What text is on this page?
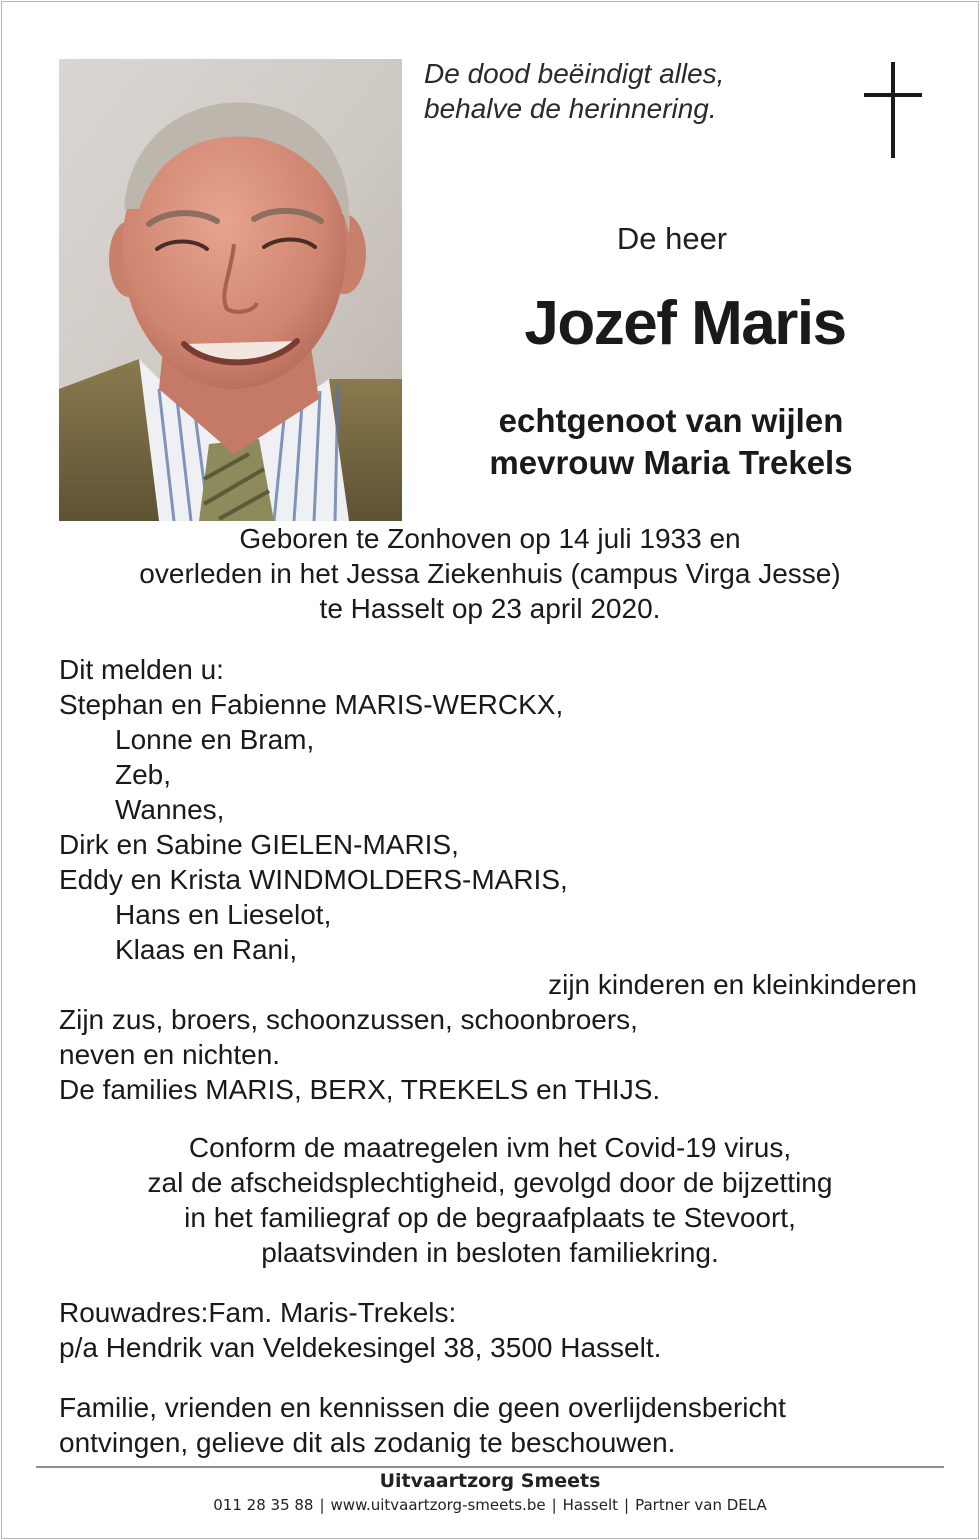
De dood beëindigt alles,
behalve de herinnering.
De heer
Jozef Maris
echtgenoot van wijlen
mevrouw Maria Trekels
Geboren te Zonhoven op 14 juli 1933 en
overleden in het Jessa Ziekenhuis (campus Virga Jesse)
te Hasselt op 23 april 2020.
Dit melden u:
Stephan en Fabienne MARIS-WERCKX,
Lonne en Bram,
Zeb,
Wannes,
Dirk en Sabine GIELEN-MARIS,
Eddy en Krista WINDMOLDERS-MARIS,
Hans en Lieselot,
Klaas en Rani,
zijn kinderen en kleinkinderen
Zijn zus, broers, schoonzussen, schoonbroers,
neven en nichten.
De families MARIS, BERX, TREKELS en THIJS.
Conform de maatregelen ivm het Covid-19 virus,
zal de afscheidsplechtigheid, gevolgd door de bijzetting
in het familiegraf op de begraafplaats te Stevoort,
plaatsvinden in besloten familiekring.
Rouwadres:Fam. Maris-Trekels:
p/a Hendrik van Veldekesingel 38, 3500 Hasselt.
Familie, vrienden en kennissen die geen overlijdensbericht
ontvingen, gelieve dit als zodanig te beschouwen.
Uitvaartzorg Smeets
011 28 35 88 | www.uitvaartzorg-smeets.be | Hasselt | Partner van DELA
